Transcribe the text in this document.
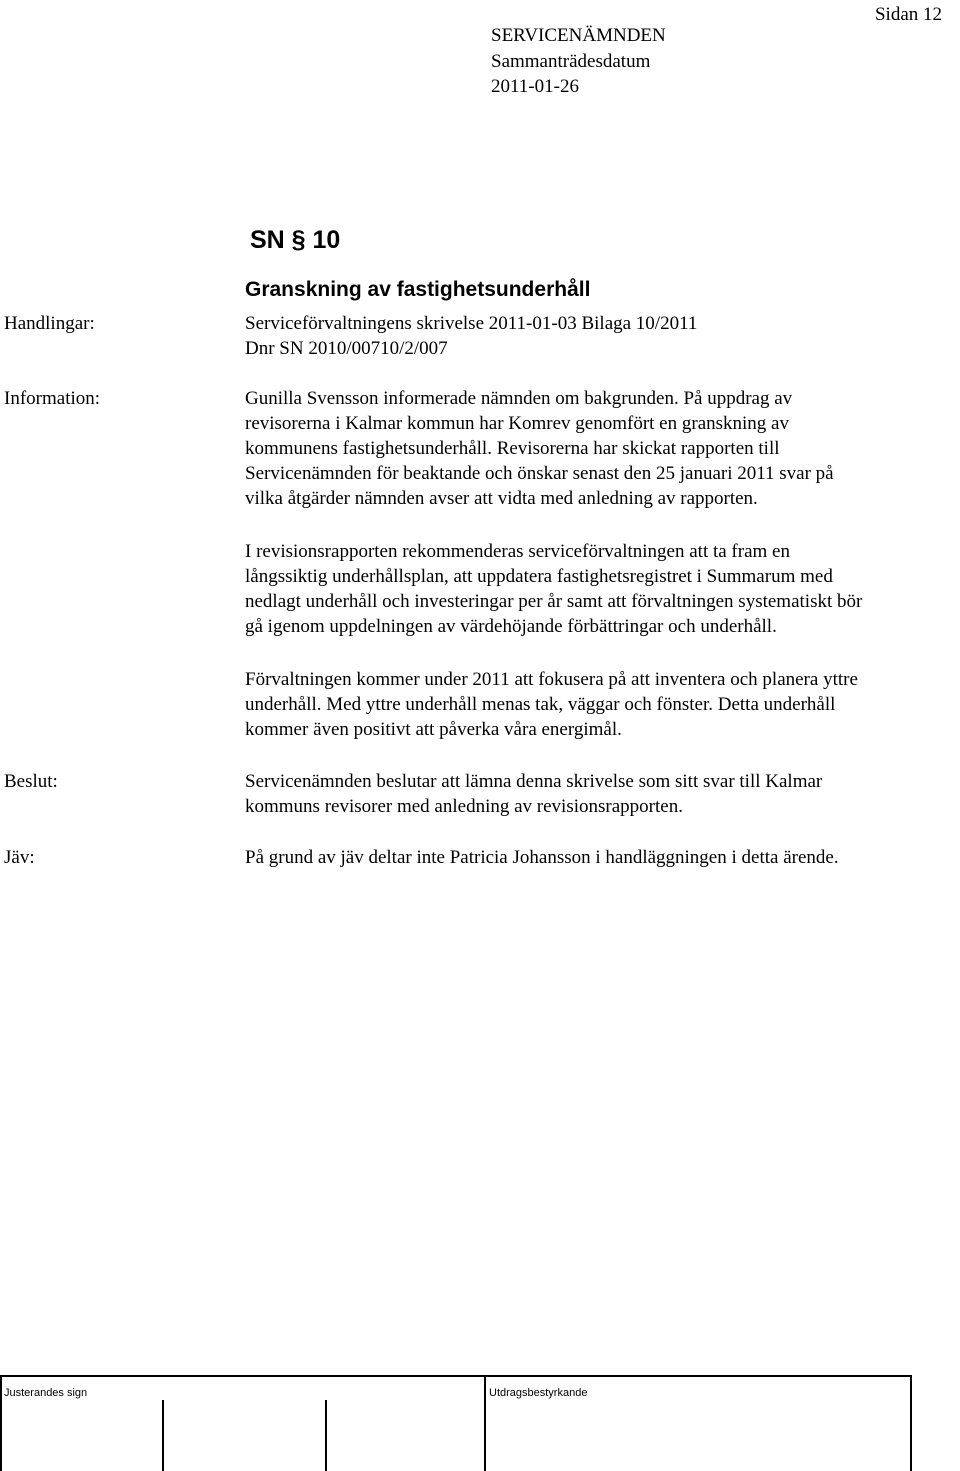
Sidan 12
SERVICENÄMNDEN
Sammanträdesdatum
2011-01-26
SN § 10
Granskning av fastighetsunderhåll
Handlingar:	Serviceförvaltningens skrivelse 2011-01-03 Bilaga 10/2011
Dnr SN 2010/00710/2/007
Information:	Gunilla Svensson informerade nämnden om bakgrunden. På uppdrag av
revisorerna i Kalmar kommun har Komrev genomfört en granskning av
kommunens fastighetsunderhåll. Revisorerna har skickat rapporten till
Servicenämnden för beaktande och önskar senast den 25 januari 2011 svar på
vilka åtgärder nämnden avser att vidta med anledning av rapporten.
I revisionsrapporten rekommenderas serviceförvaltningen att ta fram en
långssiktig underhållsplan, att uppdatera fastighetsregistret i Summarum med
nedlagt underhåll och investeringar per år samt att förvaltningen systematiskt bör
gå igenom uppdelningen av värdehöjande förbättringar och underhåll.
Förvaltningen kommer under 2011 att fokusera på att inventera och planera yttre
underhåll. Med yttre underhåll menas tak, väggar och fönster. Detta underhåll
kommer även positivt att påverka våra energimål.
Beslut:	Servicenämnden beslutar att lämna denna skrivelse som sitt svar till Kalmar
kommuns revisorer med anledning av revisionsrapporten.
Jäv:	På grund av jäv deltar inte Patricia Johansson i handläggningen i detta ärende.
Justerandes sign	Utdragsbestyrkande
